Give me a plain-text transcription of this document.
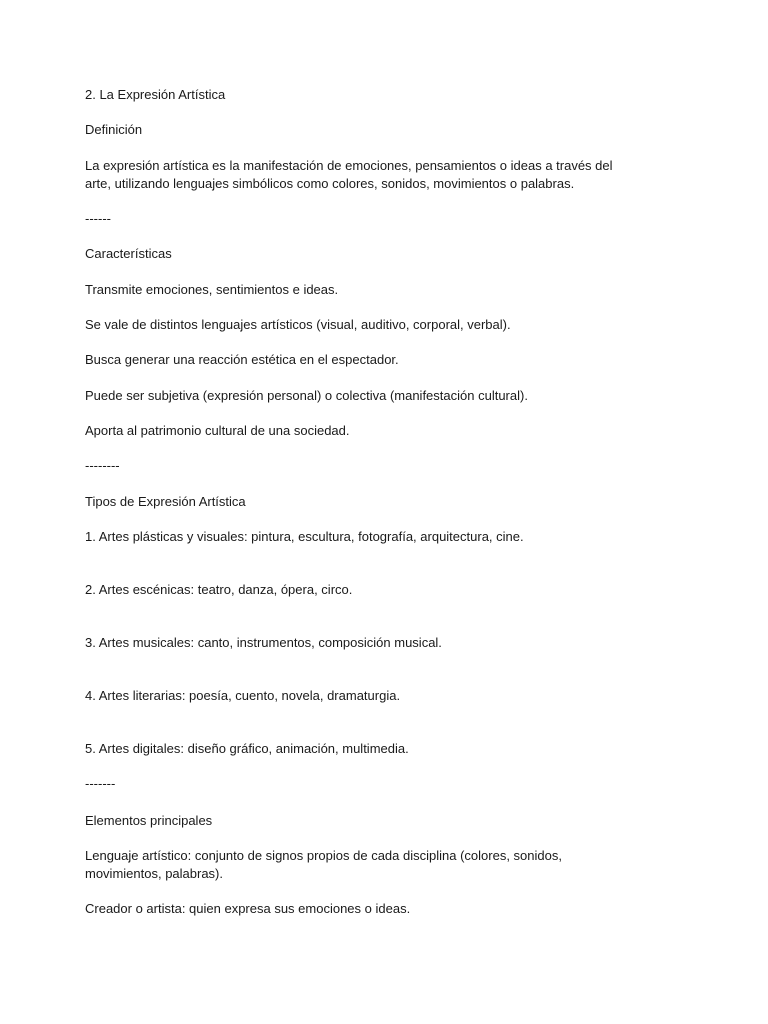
2. La Expresión Artística
Definición
La expresión artística es la manifestación de emociones, pensamientos o ideas a través del
arte, utilizando lenguajes simbólicos como colores, sonidos, movimientos o palabras.
------
Características
Transmite emociones, sentimientos e ideas.
Se vale de distintos lenguajes artísticos (visual, auditivo, corporal, verbal).
Busca generar una reacción estética en el espectador.
Puede ser subjetiva (expresión personal) o colectiva (manifestación cultural).
Aporta al patrimonio cultural de una sociedad.
--------
Tipos de Expresión Artística
1. Artes plásticas y visuales: pintura, escultura, fotografía, arquitectura, cine.
2. Artes escénicas: teatro, danza, ópera, circo.
3. Artes musicales: canto, instrumentos, composición musical.
4. Artes literarias: poesía, cuento, novela, dramaturgia.
5. Artes digitales: diseño gráfico, animación, multimedia.
-------
Elementos principales
Lenguaje artístico: conjunto de signos propios de cada disciplina (colores, sonidos,
movimientos, palabras).
Creador o artista: quien expresa sus emociones o ideas.
